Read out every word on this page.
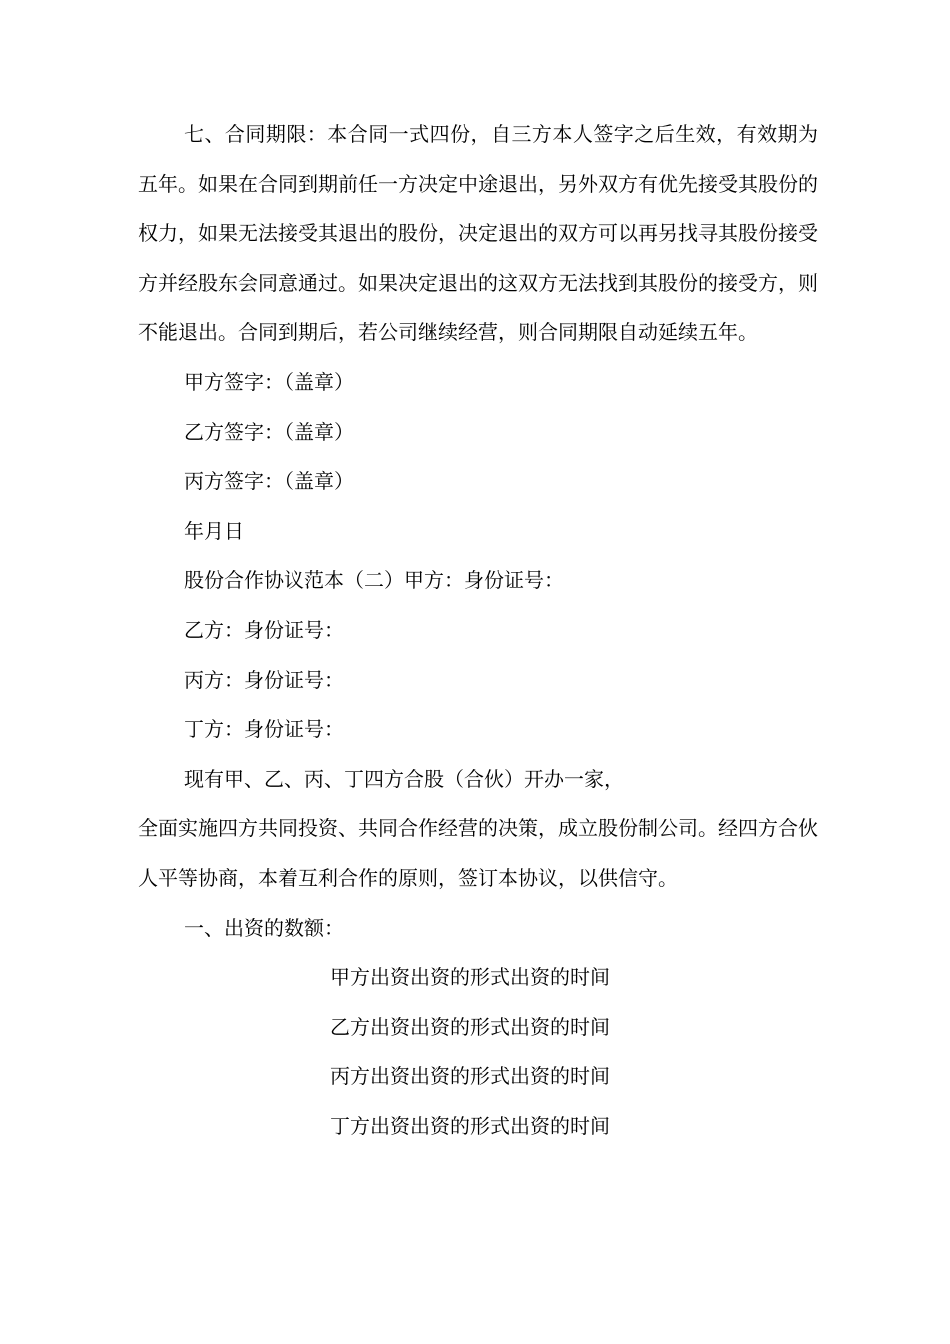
七、合同期限：本合同一式四份，自三方本人签字之后生效，有效期为五年。如果在合同到期前任一方决定中途退出，另外双方有优先接受其股份的权力，如果无法接受其退出的股份，决定退出的双方可以再另找寻其股份接受方并经股东会同意通过。如果决定退出的这双方无法找到其股份的接受方，则不能退出。合同到期后，若公司继续经营，则合同期限自动延续五年。

甲方签字：（盖章）

乙方签字：（盖章）

丙方签字：（盖章）

年月日

股份合作协议范本（二）甲方：身份证号：

乙方：身份证号：

丙方：身份证号：

丁方：身份证号：

现有甲、乙、丙、丁四方合股（合伙）开办一家，

全面实施四方共同投资、共同合作经营的决策，成立股份制公司。经四方合伙人平等协商，本着互利合作的原则，签订本协议，以供信守。

一、出资的数额：

甲方出资出资的形式出资的时间

乙方出资出资的形式出资的时间

丙方出资出资的形式出资的时间

丁方出资出资的形式出资的时间
